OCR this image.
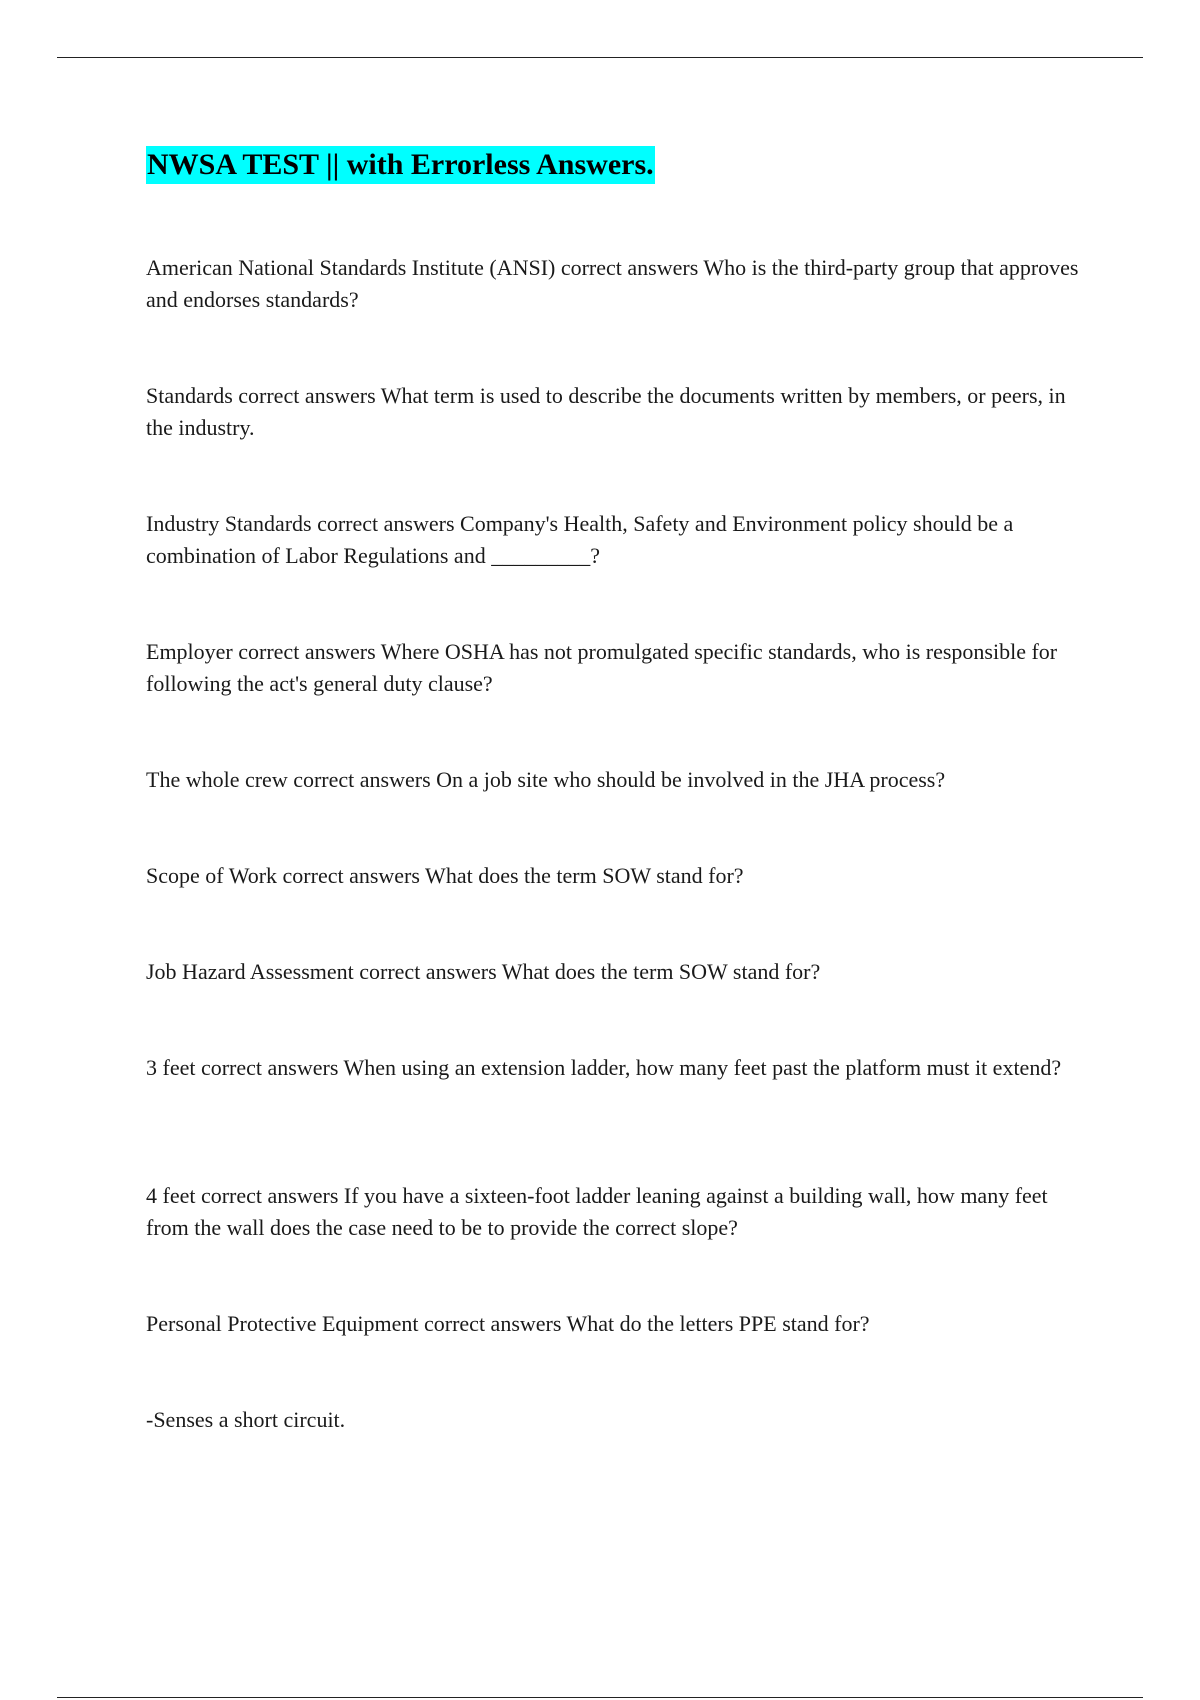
NWSA TEST || with Errorless Answers.
American National Standards Institute (ANSI) correct answers Who is the third-party group that approves and endorses standards?
Standards correct answers What term is used to describe the documents written by members, or peers, in the industry.
Industry Standards correct answers Company's Health, Safety and Environment policy should be a combination of Labor Regulations and _________?
Employer correct answers Where OSHA has not promulgated specific standards, who is responsible for following the act's general duty clause?
The whole crew correct answers On a job site who should be involved in the JHA process?
Scope of Work correct answers What does the term SOW stand for?
Job Hazard Assessment correct answers What does the term SOW stand for?
3 feet correct answers When using an extension ladder, how many feet past the platform must it extend?
4 feet correct answers If you have a sixteen-foot ladder leaning against a building wall, how many feet from the wall does the case need to be to provide the correct slope?
Personal Protective Equipment correct answers What do the letters PPE stand for?
-Senses a short circuit.
